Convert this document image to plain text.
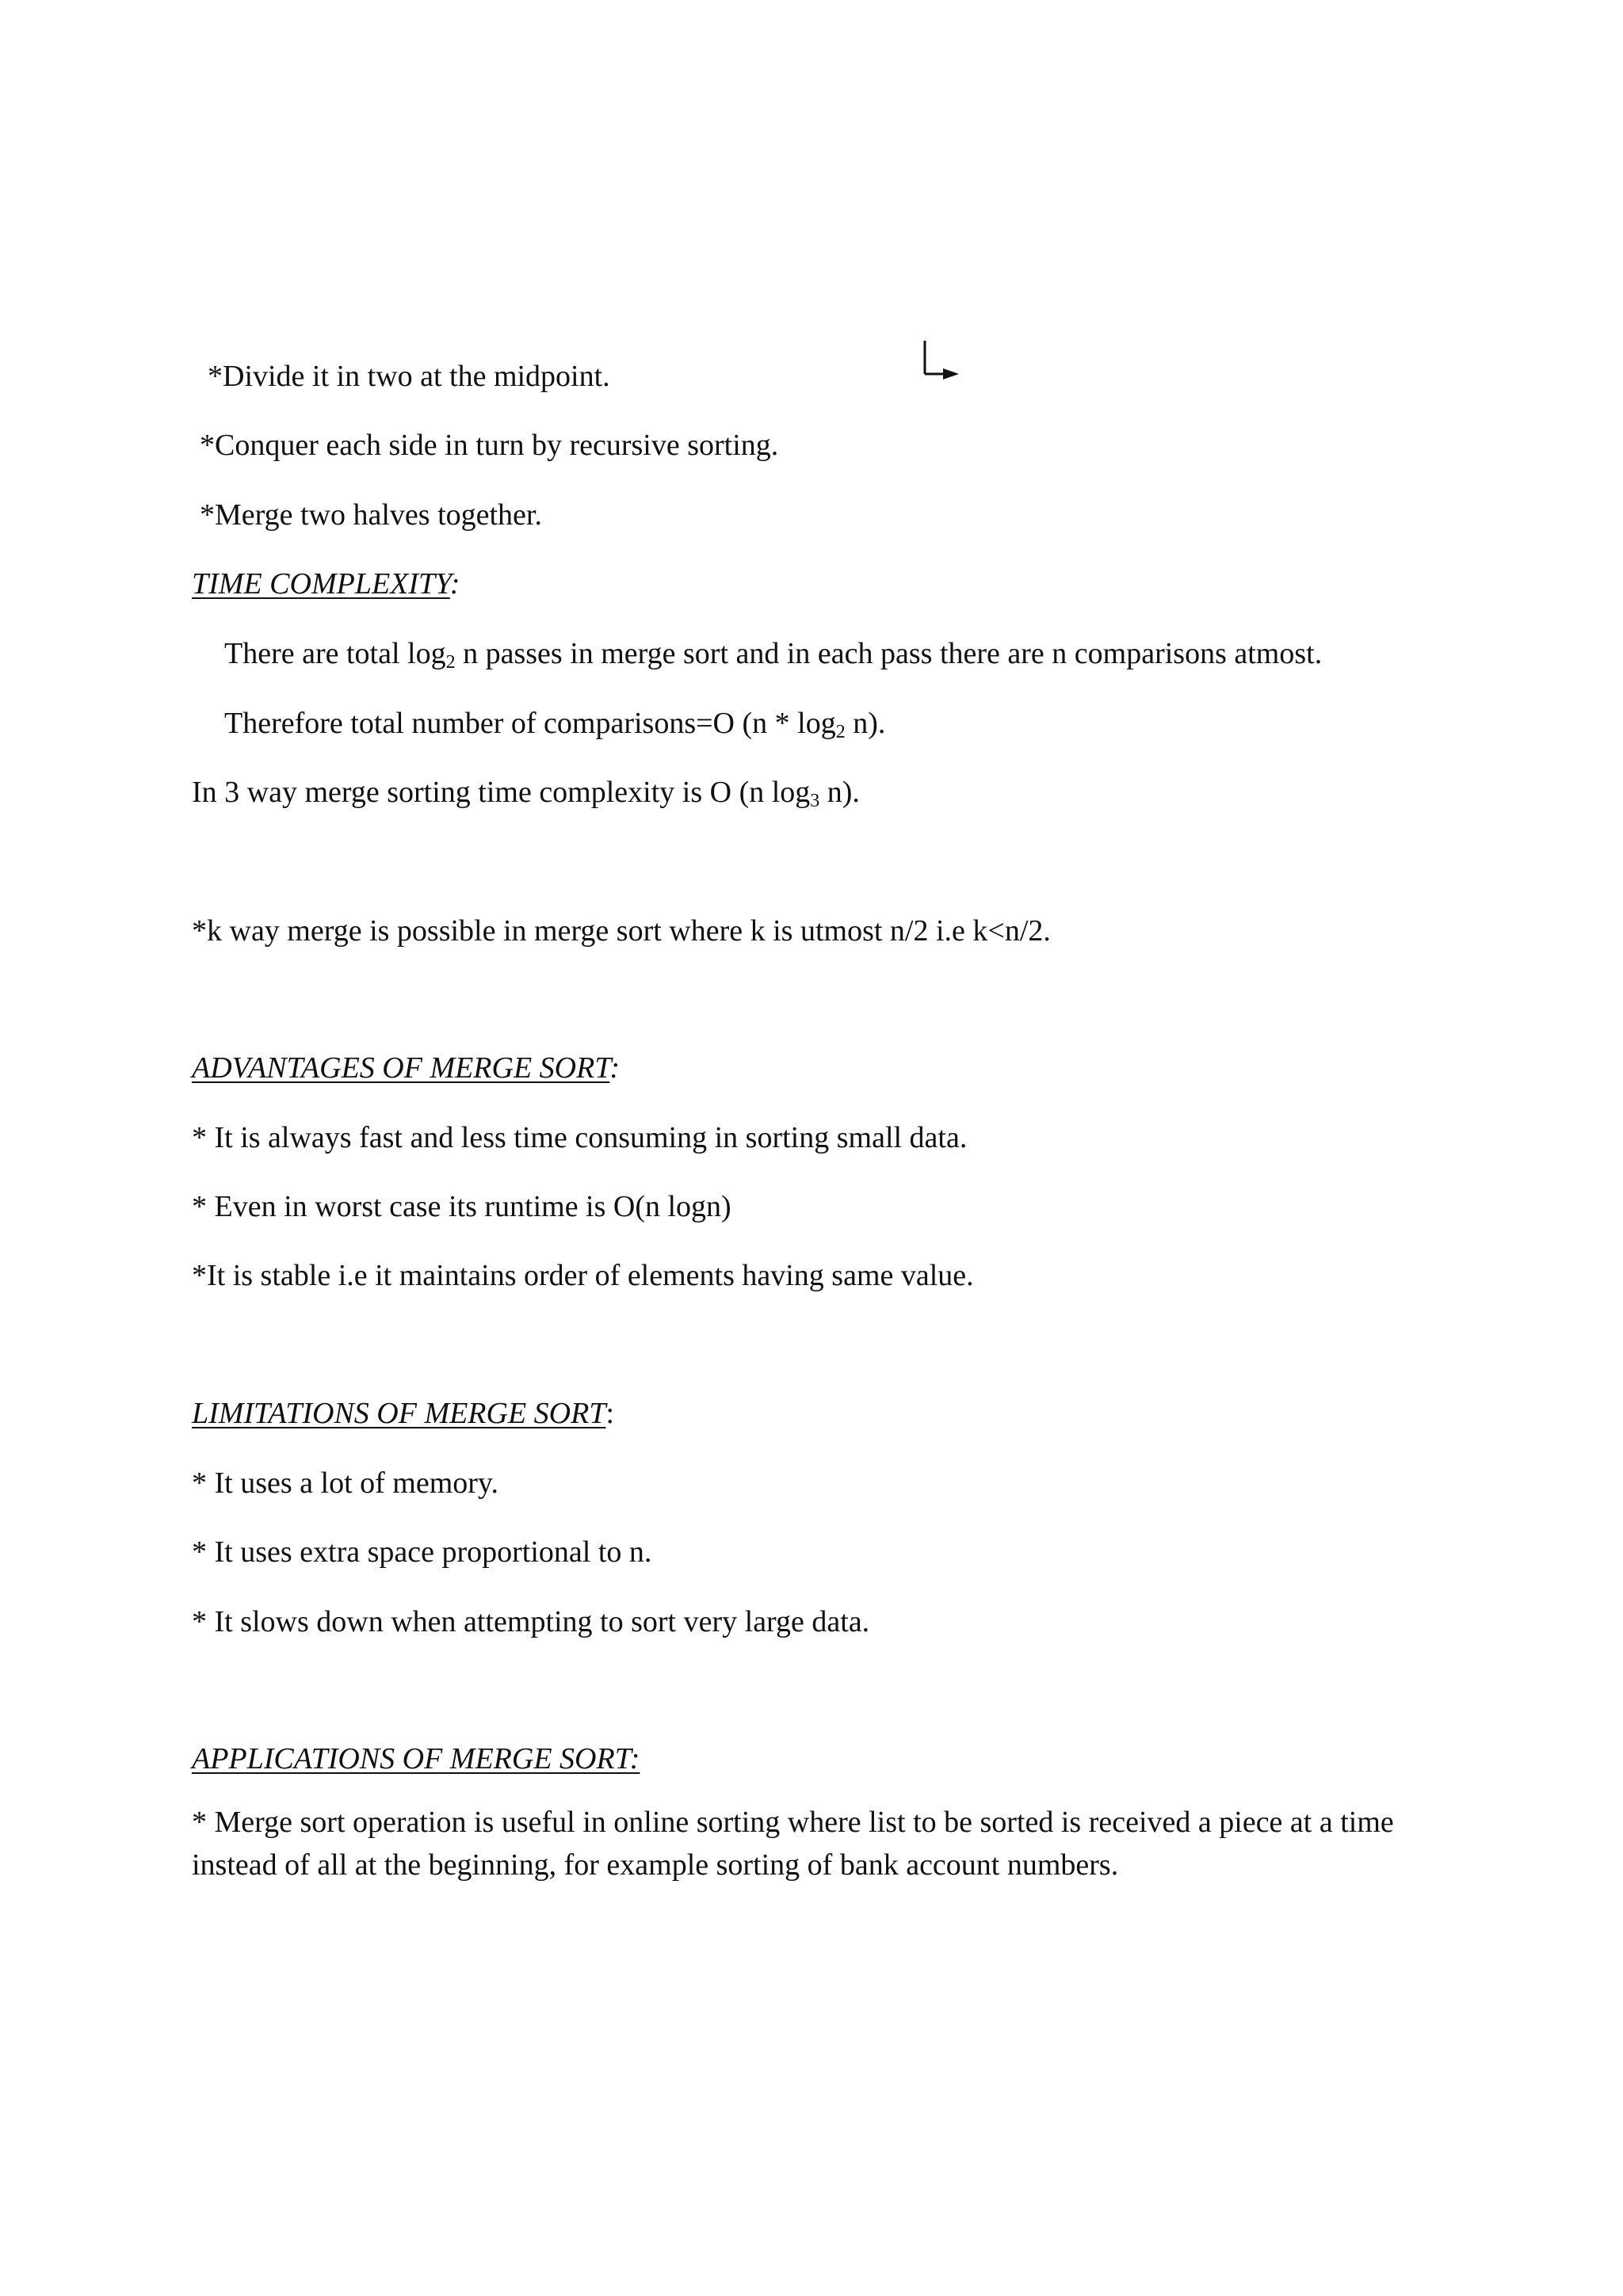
*Divide it in two at the midpoint.
*Conquer each side in turn by recursive sorting.
*Merge two halves together.
TIME COMPLEXITY:
There are total $\log_2 n$ passes in merge sort and in each pass there are n comparisons atmost.
Therefore total number of comparisons=O $(n * \log_2 n)$.
In 3 way merge sorting time complexity is O (n $\log_3 n$).
*k way merge is possible in merge sort where k is utmost n/2 i.e k<n/2.
ADVANTAGES OF MERGE SORT:
* It is always fast and less time consuming in sorting small data.
* Even in worst case its runtime is O(n logn)
*It is stable i.e it maintains order of elements having same value.
LIMITATIONS OF MERGE SORT:
* It uses a lot of memory.
* It uses extra space proportional to n.
* It slows down when attempting to sort very large data.
APPLICATIONS OF MERGE SORT:
* Merge sort operation is useful in online sorting where list to be sorted is received a piece at a time instead of all at the beginning, for example sorting of bank account numbers.
